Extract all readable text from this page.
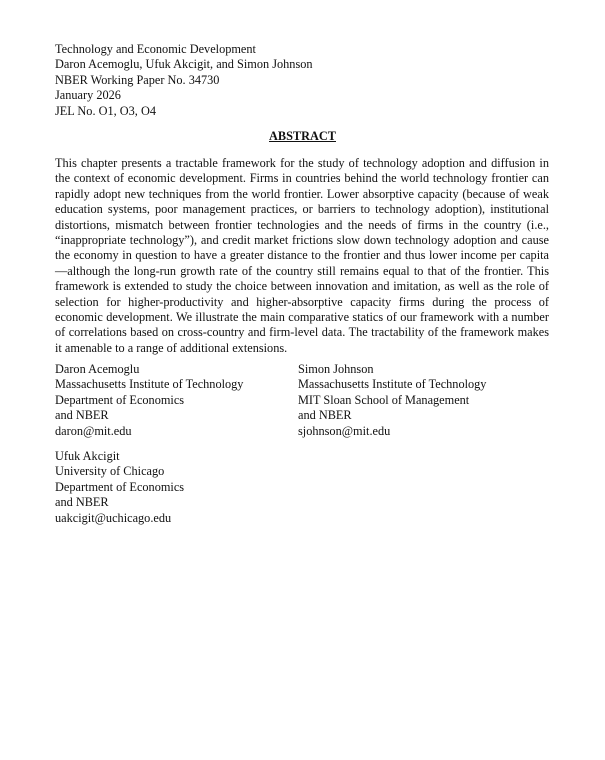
Technology and Economic Development
Daron Acemoglu, Ufuk Akcigit, and Simon Johnson
NBER Working Paper No. 34730
January 2026
JEL No. O1, O3, O4
ABSTRACT
This chapter presents a tractable framework for the study of technology adoption and diffusion in the context of economic development. Firms in countries behind the world technology frontier can rapidly adopt new techniques from the world frontier. Lower absorptive capacity (because of weak education systems, poor management practices, or barriers to technology adoption), institutional distortions, mismatch between frontier technologies and the needs of firms in the country (i.e., “inappropriate technology”), and credit market frictions slow down technology adoption and cause the economy in question to have a greater distance to the frontier and thus lower income per capita—although the long-run growth rate of the country still remains equal to that of the frontier. This framework is extended to study the choice between innovation and imitation, as well as the role of selection for higher-productivity and higher-absorptive capacity firms during the process of economic development. We illustrate the main comparative statics of our framework with a number of correlations based on cross-country and firm-level data. The tractability of the framework makes it amenable to a range of additional extensions.
Daron Acemoglu
Massachusetts Institute of Technology
Department of Economics
and NBER
daron@mit.edu
Simon Johnson
Massachusetts Institute of Technology
MIT Sloan School of Management
and NBER
sjohnson@mit.edu
Ufuk Akcigit
University of Chicago
Department of Economics
and NBER
uakcigit@uchicago.edu
